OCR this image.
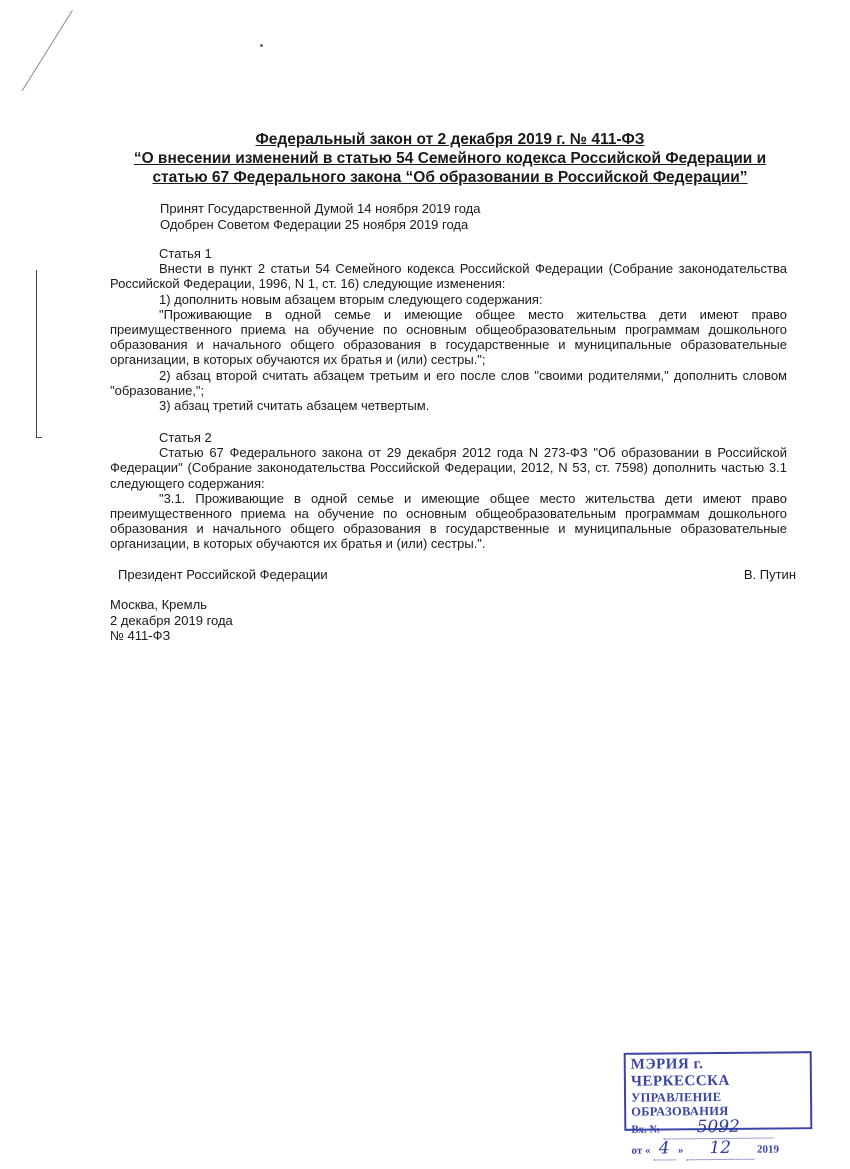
Федеральный закон от 2 декабря 2019 г. № 411-ФЗ
“О внесении изменений в статью 54 Семейного кодекса Российской Федерации и
статью 67 Федерального закона “Об образовании в Российской Федерации”
Принят Государственной Думой 14 ноября 2019 года
Одобрен Советом Федерации 25 ноября 2019 года

Статья 1

Внести в пункт 2 статьи 54 Семейного кодекса Российской Федерации (Собрание законодательства Российской Федерации, 1996, N 1, ст. 16) следующие изменения:

1) дополнить новым абзацем вторым следующего содержания:

"Проживающие в одной семье и имеющие общее место жительства дети имеют право преимущественного приема на обучение по основным общеобразовательным программам дошкольного образования и начального общего образования в государственные и муниципальные образовательные организации, в которых обучаются их братья и (или) сестры.";

2) абзац второй считать абзацем третьим и его после слов "своими родителями," дополнить словом "образование,";

3) абзац третий считать абзацем четвертым.

Статья 2

Статью 67 Федерального закона от 29 декабря 2012 года N 273-ФЗ "Об образовании в Российской Федерации" (Собрание законодательства Российской Федерации, 2012, N 53, ст. 7598) дополнить частью 3.1 следующего содержания:

"3.1. Проживающие в одной семье и имеющие общее место жительства дети имеют право преимущественного приема на обучение по основным общеобразовательным программам дошкольного образования и начального общего образования в государственные и муниципальные образовательные организации, в которых обучаются их братья и (или) сестры.".

Президент Российской Федерации	В. Путин
Москва, Кремль
2 декабря 2019 года
№ 411-ФЗ
МЭРИЯ г. ЧЕРКЕССКА
УПРАВЛЕНИЕ ОБРАЗОВАНИЯ
Вх. № 5092
от « 4 » 12 2019
